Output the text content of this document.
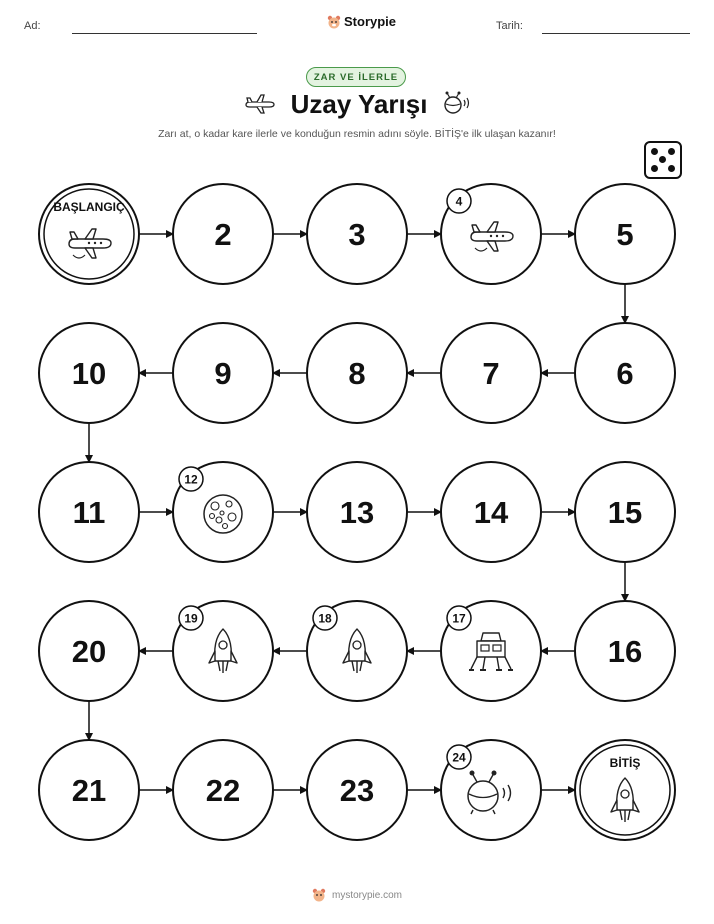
Ad:	Storypie	Tarih:
ZAR VE İLERLE
Uzay Yarışı
Zarı at, o kadar kare ilerle ve konduğun resmin adını söyle. BİTİŞ'e ilk ulaşan kazanır!
BAŞLANGIÇ
2	3
4
5
6
7
8
9
10
11
12
13	14	15
16
17
18
19
20
21	22	23
24	BİTİŞ
mystorypie.com
